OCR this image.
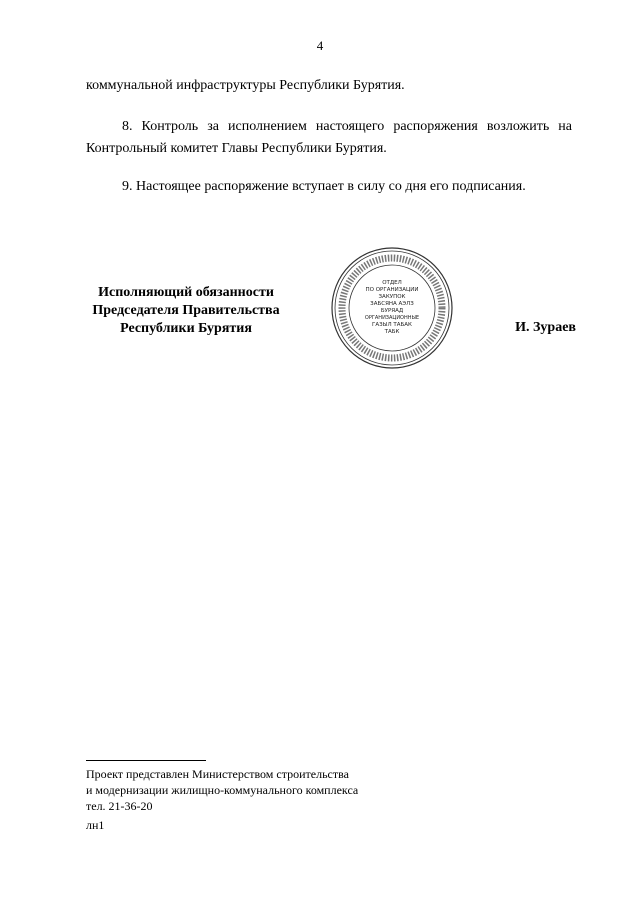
4
коммунальной инфраструктуры Республики Бурятия.
8. Контроль за исполнением настоящего распоряжения возложить на Контрольный комитет Главы Республики Бурятия.
9. Настоящее распоряжение вступает в силу со дня его подписания.
Исполняющий обязанности
Председателя Правительства
Республики Бурятия
ОТДЕЛ
ПО ОРГАНИЗАЦИИ
ЗАКУПОК
ЗАБСЯНА АЭЛЗ
БУРЯАД
ОРГАНИЗАЦИОННЫЕ
ГАЗЫЛ ТАБАК
ТАБК	И. Зураев
Проект представлен Министерством строительства
и модернизации жилищно-коммунального комплекса
тел. 21-36-20
лн1
